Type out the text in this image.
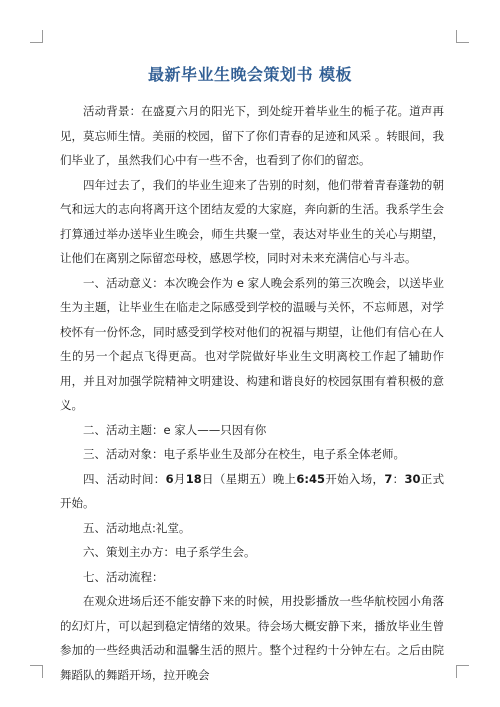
最新毕业生晚会策划书 模板

活动背景：在盛夏六月的阳光下，到处绽开着毕业生的栀子花。道声再见，莫忘师生情。美丽的校园，留下了你们青春的足迹和风采 。转眼间，我们毕业了，虽然我们心中有一些不舍，也看到了你们的留恋。

四年过去了，我们的毕业生迎来了告别的时刻，他们带着青春蓬勃的朝气和远大的志向将离开这个团结友爱的大家庭，奔向新的生活。我系学生会打算通过举办送毕业生晚会，师生共聚一堂，表达对毕业生的关心与期望，让他们在离别之际留恋母校，感恩学校，同时对未来充满信心与斗志。

一、活动意义：本次晚会作为 e 家人晚会系列的第三次晚会，以送毕业生为主题，让毕业生在临走之际感受到学校的温暖与关怀，不忘师恩，对学校怀有一份怀念，同时感受到学校对他们的祝福与期望，让他们有信心在人生的另一个起点飞得更高。也对学院做好毕业生文明离校工作起了辅助作用，并且对加强学院精神文明建设、构建和谐良好的校园氛围有着积极的意义。

二、活动主题：e 家人——只因有你

三、活动对象：电子系毕业生及部分在校生，电子系全体老师。

四、活动时间：6月18日（星期五）晚上6:45开始入场，7：30正式开始。

五、活动地点:礼堂。

六、策划主办方：电子系学生会。

七、活动流程：

在观众进场后还不能安静下来的时候，用投影播放一些华航校园小角落的幻灯片，可以起到稳定情绪的效果。待会场大概安静下来，播放毕业生曾参加的一些经典活动和温馨生活的照片。整个过程约十分钟左右。之后由院舞蹈队的舞蹈开场，拉开晚会
